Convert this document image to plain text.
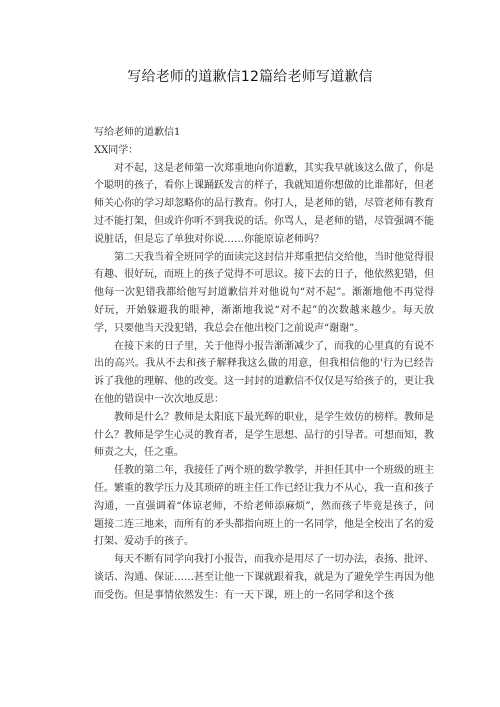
写给老师的道歉信12篇给老师写道歉信

写给老师的道歉信1

XX同学：

对不起，这是老师第一次郑重地向你道歉，其实我早就该这么做了，你是个聪明的孩子，看你上课踊跃发言的样子，我就知道你想做的比谁都好，但老师关心你的学习却忽略你的品行教育。你打人，是老师的错，尽管老师有教育过不能打架，但或许你听不到我说的话。你骂人，是老师的错，尽管强调不能说脏话，但是忘了单独对你说……你能原谅老师吗？

第二天我当着全班同学的面读完这封信并郑重把信交给他，当时他觉得很有趣、很好玩，而班上的孩子觉得不可思议。接下去的日子，他依然犯错，但他每一次犯错我都给他写封道歉信并对他说句“对不起”。渐渐地他不再觉得好玩，开始躲避我的眼神，渐渐地我说“对不起”的次数越来越少。每天放学，只要他当天没犯错，我总会在他出校门之前说声“谢谢”。

在接下来的日子里，关于他得小报告渐渐减少了，而我的心里真的有说不出的高兴。我从不去和孩子解释我这么做的用意，但我相信他的'行为已经告诉了我他的理解、他的改变。这一封封的道歉信不仅仅是写给孩子的，更让我在他的错误中一次次地反思：

教师是什么？教师是太阳底下最光辉的职业，是学生效仿的榜样。教师是什么？教师是学生心灵的教育者，是学生思想、品行的引导者。可想而知，教师责之大，任之重。

任教的第二年，我接任了两个班的数学教学，并担任其中一个班级的班主任。繁重的教学压力及其琐碎的班主任工作已经让我力不从心，我一直和孩子沟通，一直强调着“体谅老师，不给老师添麻烦”，然而孩子毕竟是孩子，问题接二连三地来，而所有的矛头都指向班上的一名同学，他是全校出了名的爱打架、爱动手的孩子。

每天不断有同学向我打小报告，而我亦是用尽了一切办法，表扬、批评、谈话、沟通、保证……甚至让他一下课就跟着我，就是为了避免学生再因为他而受伤。但是事情依然发生：有一天下课，班上的一名同学和这个孩
